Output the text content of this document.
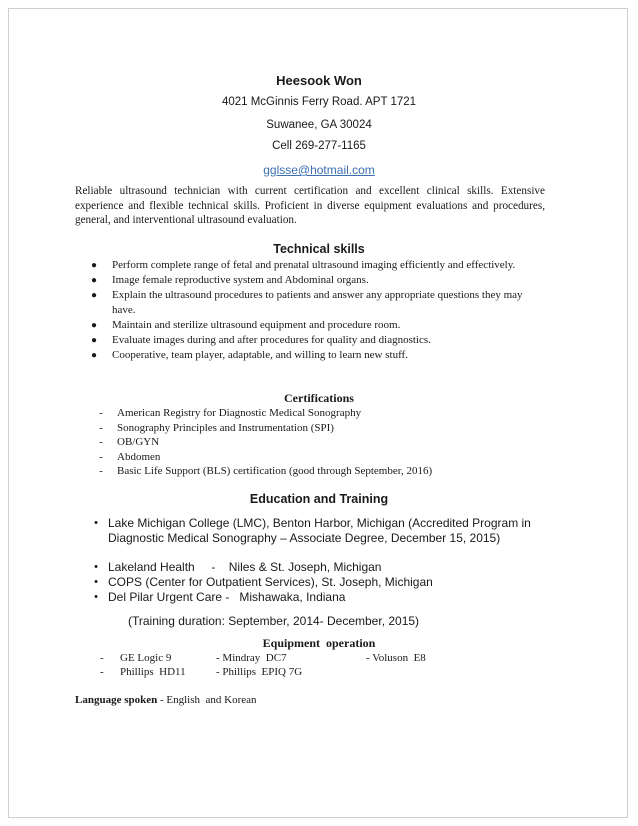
Heesook Won
4021 McGinnis Ferry Road. APT 1721
Suwanee, GA 30024
Cell 269-277-1165
gglsse@hotmail.com
Reliable ultrasound technician with current certification and excellent clinical skills. Extensive experience and flexible technical skills. Proficient in diverse equipment evaluations and procedures, general, and interventional ultrasound evaluation.
Technical skills
● Perform complete range of fetal and prenatal ultrasound imaging efficiently and effectively.
● Image female reproductive system and Abdominal organs.
● Explain the ultrasound procedures to patients and answer any appropriate questions they may have.
● Maintain and sterilize ultrasound equipment and procedure room.
● Evaluate images during and after procedures for quality and diagnostics.
● Cooperative, team player, adaptable, and willing to learn new stuff.
Certifications
-	American Registry for Diagnostic Medical Sonography
-	Sonography Principles and Instrumentation (SPI)
-	OB/GYN
-	Abdomen
-	Basic Life Support (BLS) certification (good through September, 2016)
Education and Training
• Lake Michigan College (LMC), Benton Harbor, Michigan (Accredited Program in Diagnostic Medical Sonography – Associate Degree, December 15, 2015)
• Lakeland Health     -    Niles & St. Joseph, Michigan
• COPS (Center for Outpatient Services), St. Joseph, Michigan
• Del Pilar Urgent Care -   Mishawaka, Indiana
(Training duration: September, 2014- December, 2015)
Equipment  operation
- GE Logic 9	- Mindray  DC7	- Voluson  E8
- Phillips  HD11	- Phillips  EPIQ 7G
Language spoken - English  and Korean
